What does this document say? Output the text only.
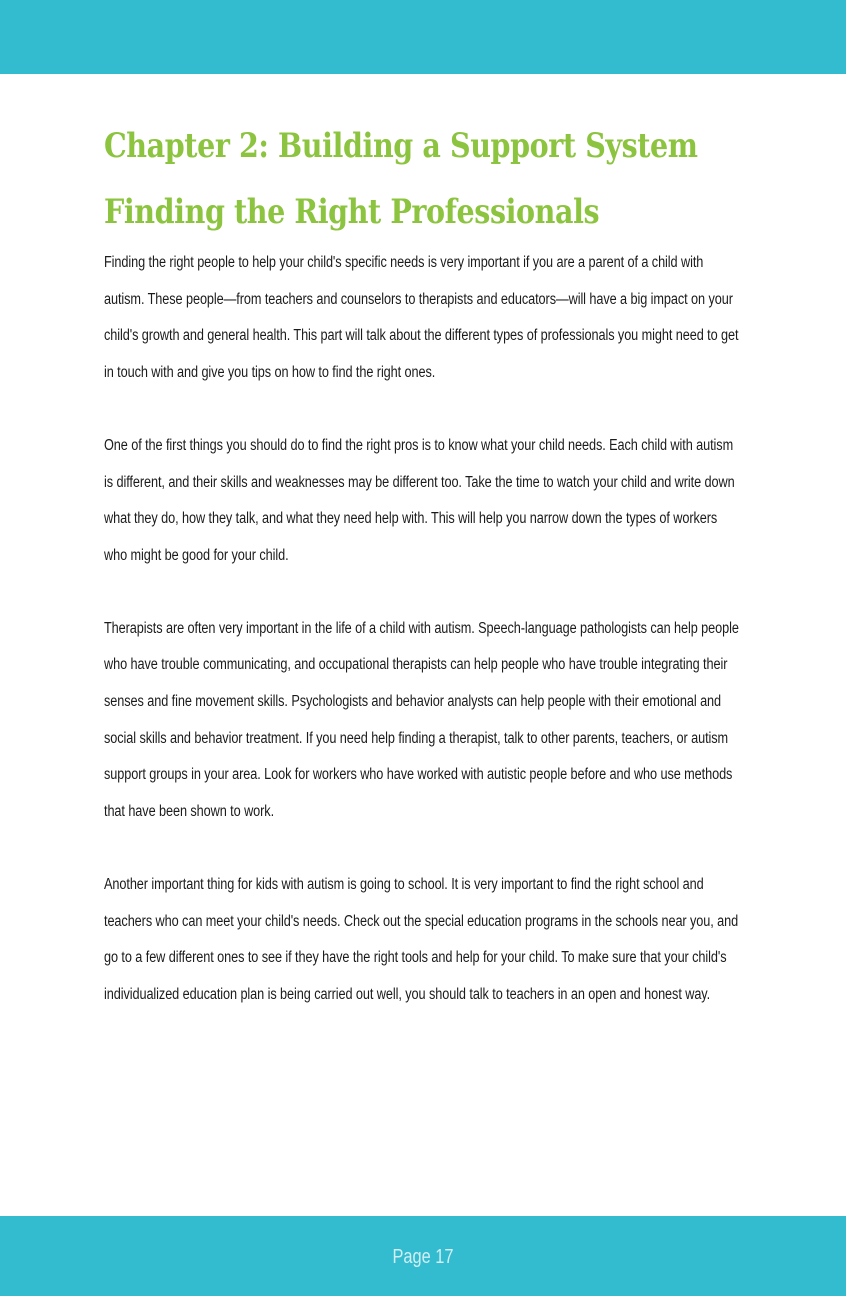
Chapter 2: Building a Support System
Finding the Right Professionals

Finding the right people to help your child's specific needs is very important if you are a parent of a child with autism. These people—from teachers and counselors to therapists and educators—will have a big impact on your child's growth and general health. This part will talk about the different types of professionals you might need to get in touch with and give you tips on how to find the right ones.

One of the first things you should do to find the right pros is to know what your child needs. Each child with autism is different, and their skills and weaknesses may be different too. Take the time to watch your child and write down what they do, how they talk, and what they need help with. This will help you narrow down the types of workers who might be good for your child.

Therapists are often very important in the life of a child with autism. Speech-language pathologists can help people who have trouble communicating, and occupational therapists can help people who have trouble integrating their senses and fine movement skills. Psychologists and behavior analysts can help people with their emotional and social skills and behavior treatment. If you need help finding a therapist, talk to other parents, teachers, or autism support groups in your area. Look for workers who have worked with autistic people before and who use methods that have been shown to work.

Another important thing for kids with autism is going to school. It is very important to find the right school and teachers who can meet your child's needs. Check out the special education programs in the schools near you, and go to a few different ones to see if they have the right tools and help for your child. To make sure that your child's individualized education plan is being carried out well, you should talk to teachers in an open and honest way.

Page 17
